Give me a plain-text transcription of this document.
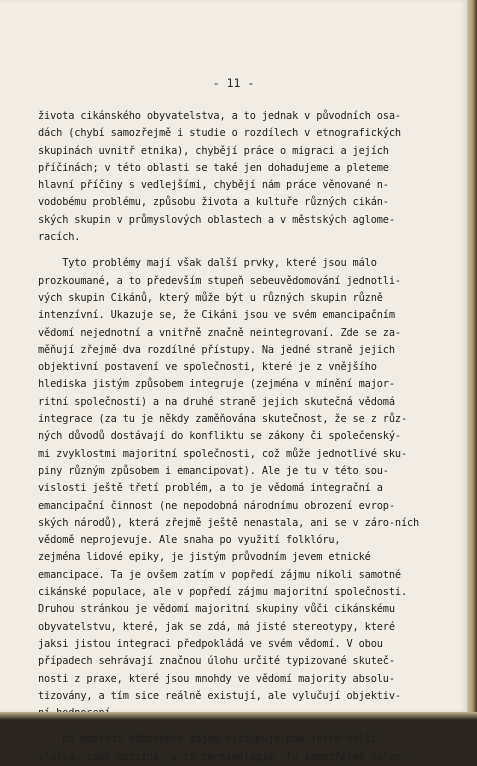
- 11 -
života cikánského obyvatelstva, a to jednak v původních osa-
dách (chybí samozřejmě i studie o rozdílech v etnografických
skupinách uvnitř etnika), chybějí práce o migraci a jejích
příčinách; v této oblasti se také jen dohadujeme a pleteme
hlavní příčiny s vedlejšími, chybějí nám práce věnované n-
vodobému problému, způsobu života a kultuře různých cikán-
ských skupin v průmyslových oblastech a v městských aglome-
racích.
Tyto problémy mají však další prvky, které jsou málo
prozkoumané, a to především stupeň sebeuvědomování jednotli-
vých skupin Cikánů, který může být u různých skupin různě
intenzívní. Ukazuje se, že Cikáni jsou ve svém emancipačním
vědomí nejednotní a vnitřně značně neintegrovaní. Zde se za-
měňují zřejmě dva rozdílné přístupy. Na jedné straně jejich
objektivní postavení ve společnosti, které je z vnějšího
hlediska jistým způsobem integruje (zejména v mínění major-
ritní společnosti) a na druhé straně jejich skutečná vědomá
integrace (za tu je někdy zaměňována skutečnost, že se z růz-
ných důvodů dostávají do konfliktu se zákony či společenský-
mi zvyklostmi majoritní společnosti, což může jednotlivé sku-
piny různým způsobem i emancipovat). Ale je tu v této sou-
vislosti ještě třetí problém, a to je vědomá integrační a
emancipační činnost (ne nepodobná národnímu obrození evrop-
ských národů), která zřejmě ještě nenastala, ani se v záro-ních
vědomě neprojevuje. Ale snaha po využití folklóru,
zejména lidové epiky, je jistým průvodním jevem etnické
emancipace. Ta je ovšem zatím v popředí zájmu nikoli samotné
cikánské populace, ale v popředí zájmu majoritní společnosti.
Druhou stránkou je vědomí majoritní skupiny vůči cikánskému
obyvatelstvu, které, jak se zdá, má jisté stereotypy, které
jaksi jistou integraci předpokládá ve svém vědomí. V obou
případech sehrávají značnou úlohu určité typizované skuteč-
nosti z praxe, které jsou mnohdy ve vědomí majority absolu-
tizovány, a tím sice reálně existují, ale vylučují objektiv-
Do popředí odborného zájmu vystupuje pak ještě další
složka, také obtížná, a to terminologie. Tu samozřejmě nelze
